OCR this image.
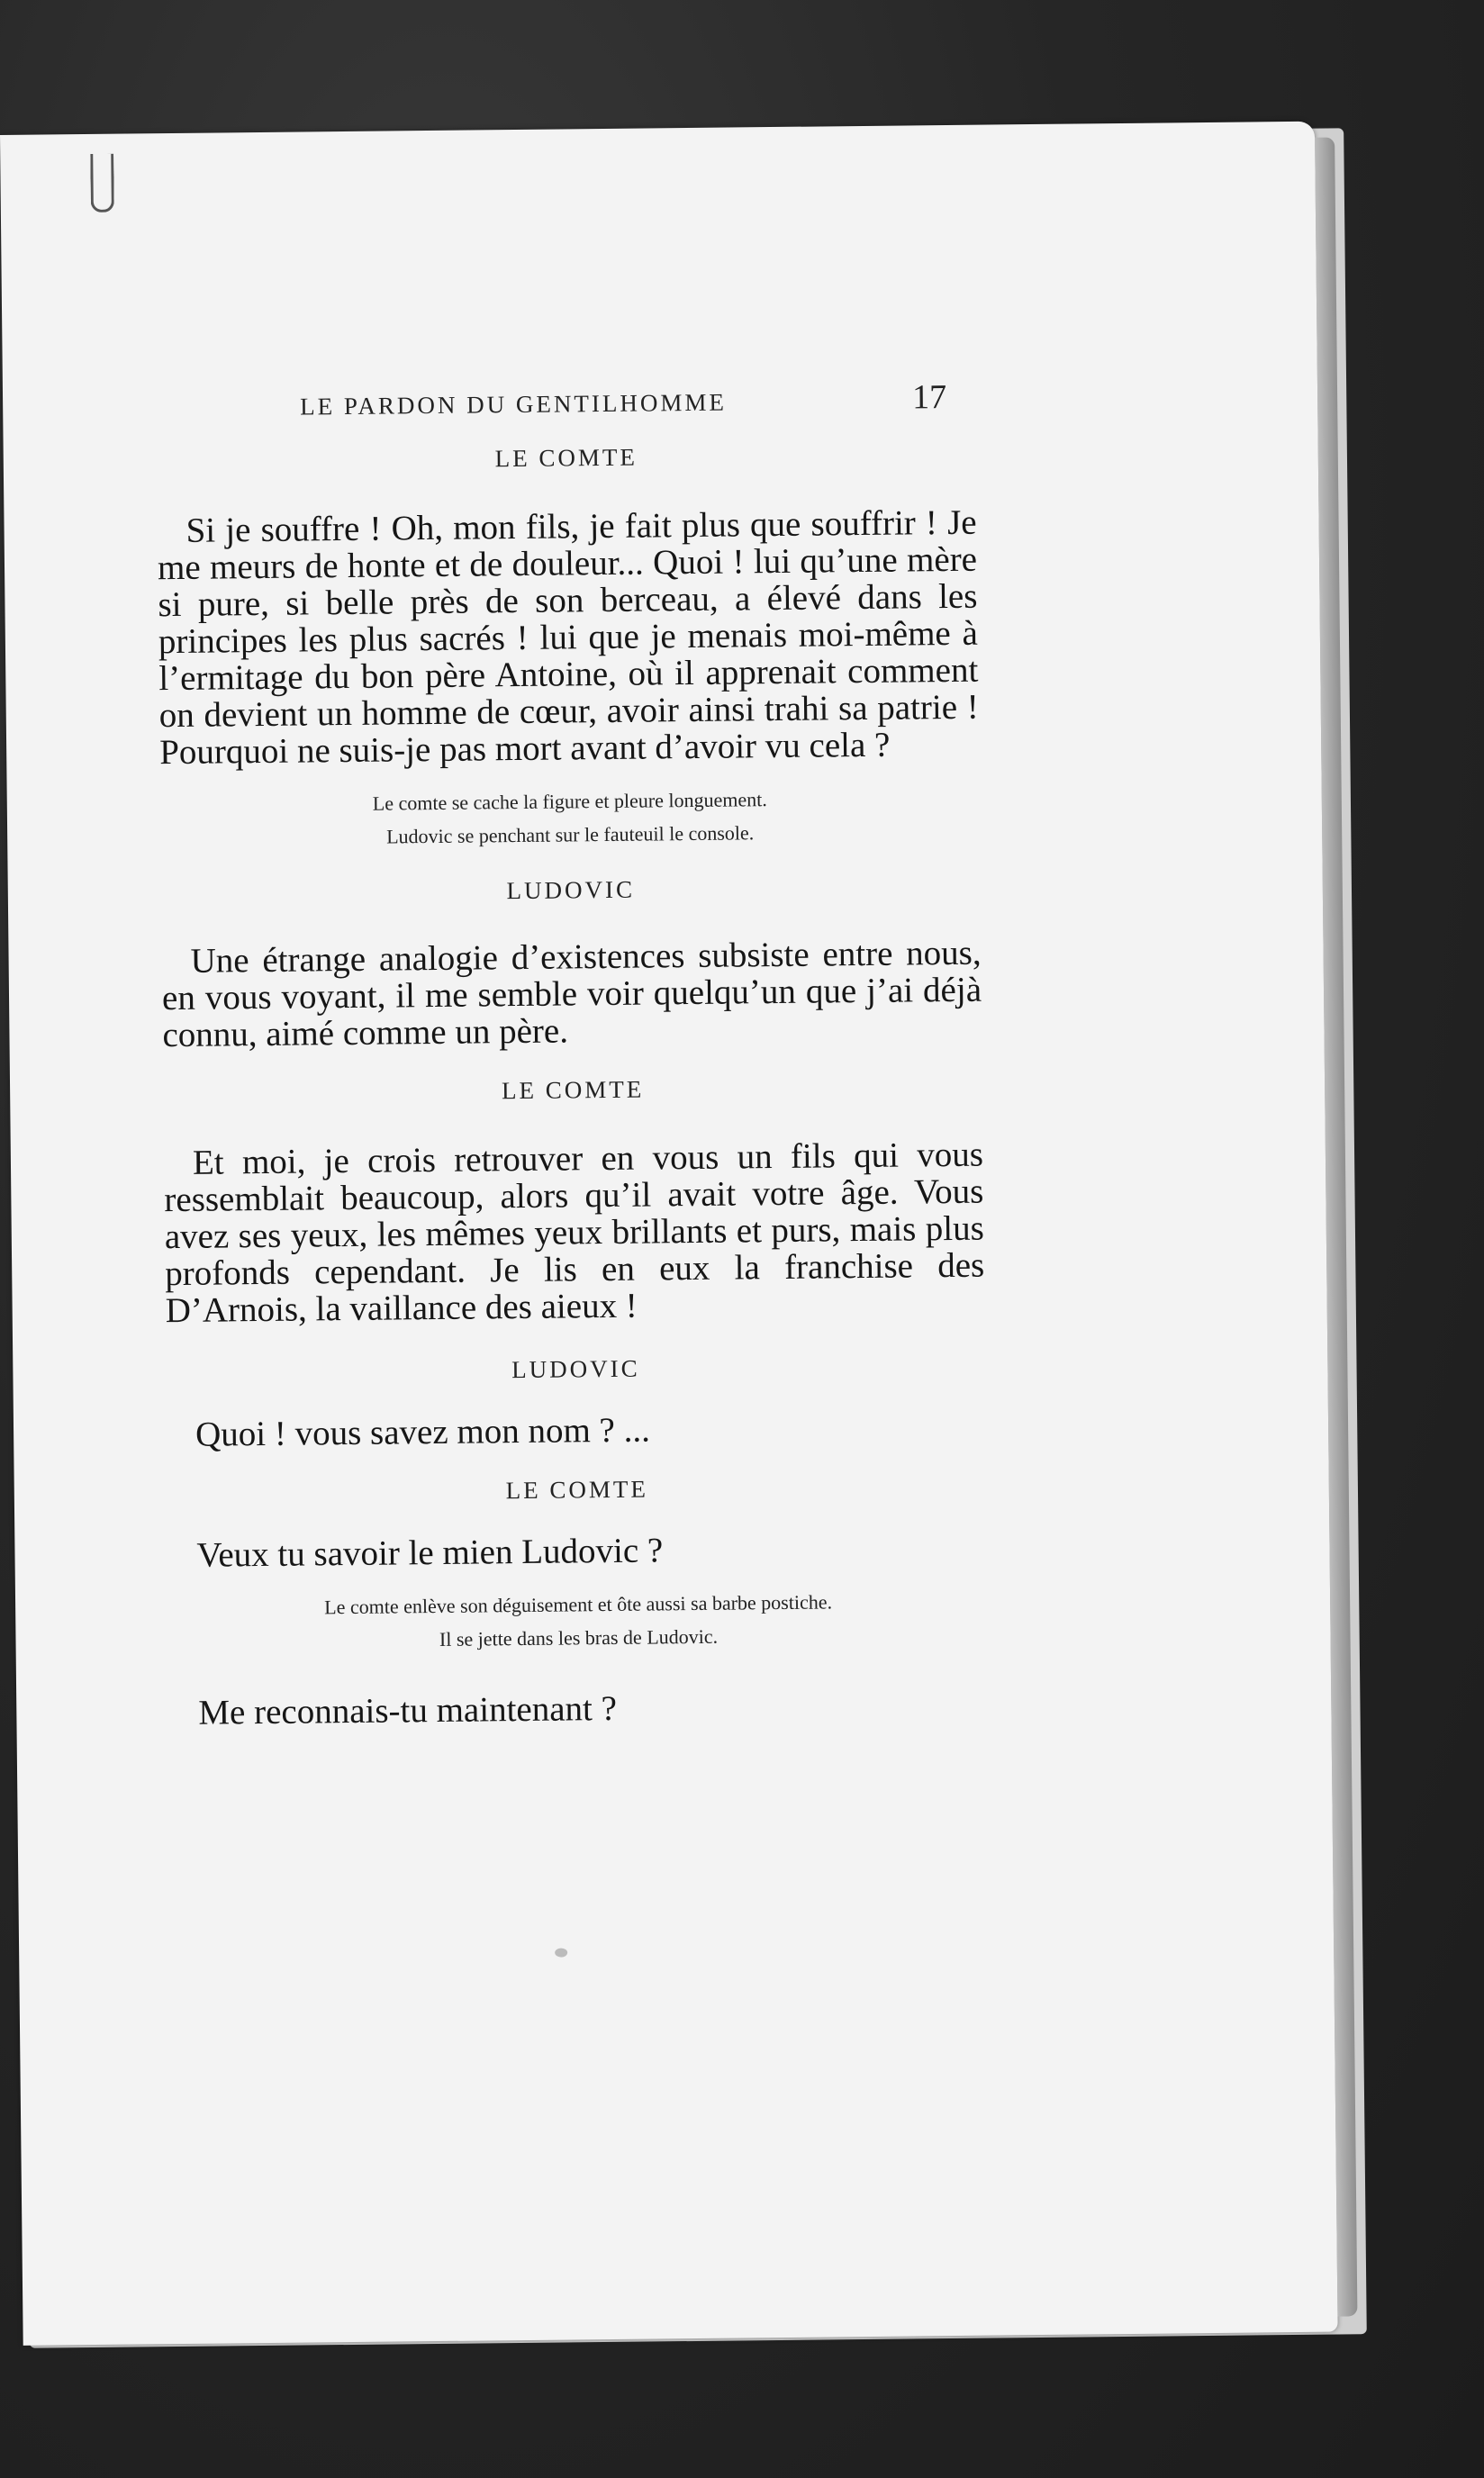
LE PARDON DU GENTILHOMME	17

LE COMTE

Si je souffre ! Oh, mon fils, je fait plus que souffrir ! Je me meurs de honte et de douleur... Quoi ! lui qu’une mère si pure, si belle près de son berceau, a élevé dans les principes les plus sacrés ! lui que je menais moi-même à l’ermitage du bon père Antoine, où il apprenait comment on devient un homme de cœur, avoir ainsi trahi sa patrie ! Pourquoi ne suis-je pas mort avant d’avoir vu cela ?

Le comte se cache la figure et pleure longuement.

Ludovic se penchant sur le fauteuil le console.

LUDOVIC

Une étrange analogie d’existences subsiste entre nous, en vous voyant, il me semble voir quelqu’un que j’ai déjà connu, aimé comme un père.

LE COMTE

Et moi, je crois retrouver en vous un fils qui vous ressemblait beaucoup, alors qu’il avait votre âge. Vous avez ses yeux, les mêmes yeux brillants et purs, mais plus profonds cependant. Je lis en eux la franchise des D’Arnois, la vaillance des aieux !

LUDOVIC

Quoi ! vous savez mon nom ? ...

LE COMTE

Veux tu savoir le mien Ludovic ?

Le comte enlève son déguisement et ôte aussi sa barbe postiche.

Il se jette dans les bras de Ludovic.

Me reconnais-tu maintenant ?
